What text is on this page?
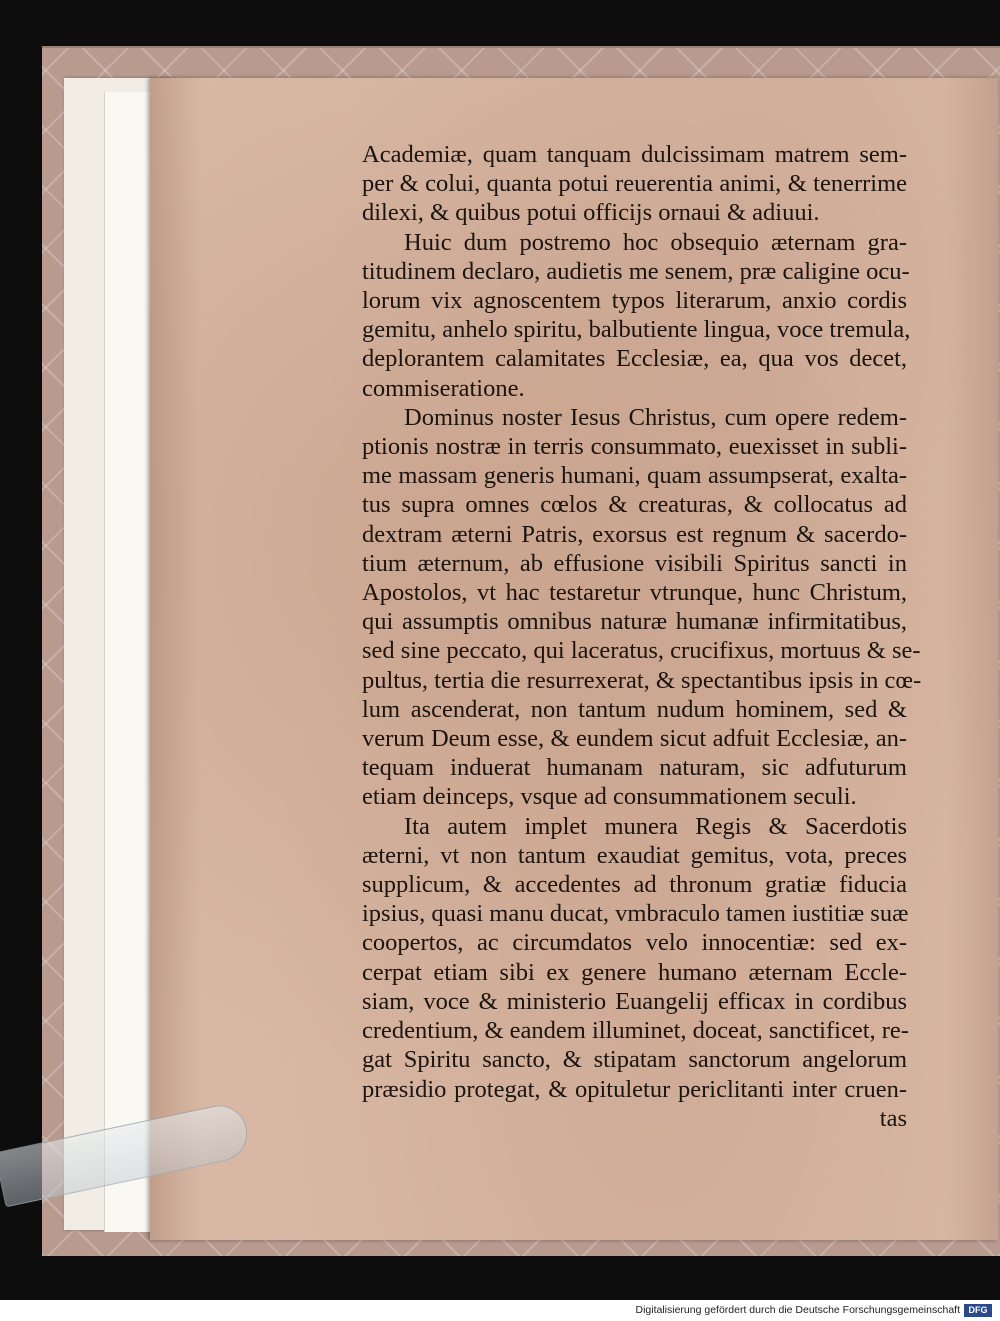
Academiæ, quam tanquam dulcissimam matrem sem-
per & colui, quanta potui reuerentia animi, & tenerrime
dilexi, & quibus potui officijs ornaui & adiuui.
Huic dum postremo hoc obsequio æternam gra-
titudinem declaro, audietis me senem, præ caligine ocu-
lorum vix agnoscentem typos literarum, anxio cordis
gemitu, anhelo spiritu, balbutiente lingua, voce tremula,
deplorantem calamitates Ecclesiæ, ea, qua vos decet,
commiseratione.
Dominus noster Iesus Christus, cum opere redem-
ptionis nostræ in terris consummato, euexisset in subli-
me massam generis humani, quam assumpserat, exalta-
tus supra omnes cœlos & creaturas, & collocatus ad
dextram æterni Patris, exorsus est regnum & sacerdo-
tium æternum, ab effusione visibili Spiritus sancti in
Apostolos, vt hac testaretur vtrunque, hunc Christum,
qui assumptis omnibus naturæ humanæ infirmitatibus,
sed sine peccato, qui laceratus, crucifixus, mortuus & se-
pultus, tertia die resurrexerat, & spectantibus ipsis in cœ-
lum ascenderat, non tantum nudum hominem, sed &
verum Deum esse, & eundem sicut adfuit Ecclesiæ, an-
tequam induerat humanam naturam, sic adfuturum
etiam deinceps, vsque ad consummationem seculi.
Ita autem implet munera Regis & Sacerdotis
æterni, vt non tantum exaudiat gemitus, vota, preces
supplicum, & accedentes ad thronum gratiæ fiducia
ipsius, quasi manu ducat, vmbraculo tamen iustitiæ suæ
coopertos, ac circumdatos velo innocentiæ: sed ex-
cerpat etiam sibi ex genere humano æternam Eccle-
siam, voce & ministerio Euangelij efficax in cordibus
credentium, & eandem illuminet, doceat, sanctificet, re-
gat Spiritu sancto, & stipatam sanctorum angelorum
præsidio protegat, & opituletur periclitanti inter cruen-
tas
Digitalisierung gefördert durch die Deutsche Forschungsgemeinschaft DFG
